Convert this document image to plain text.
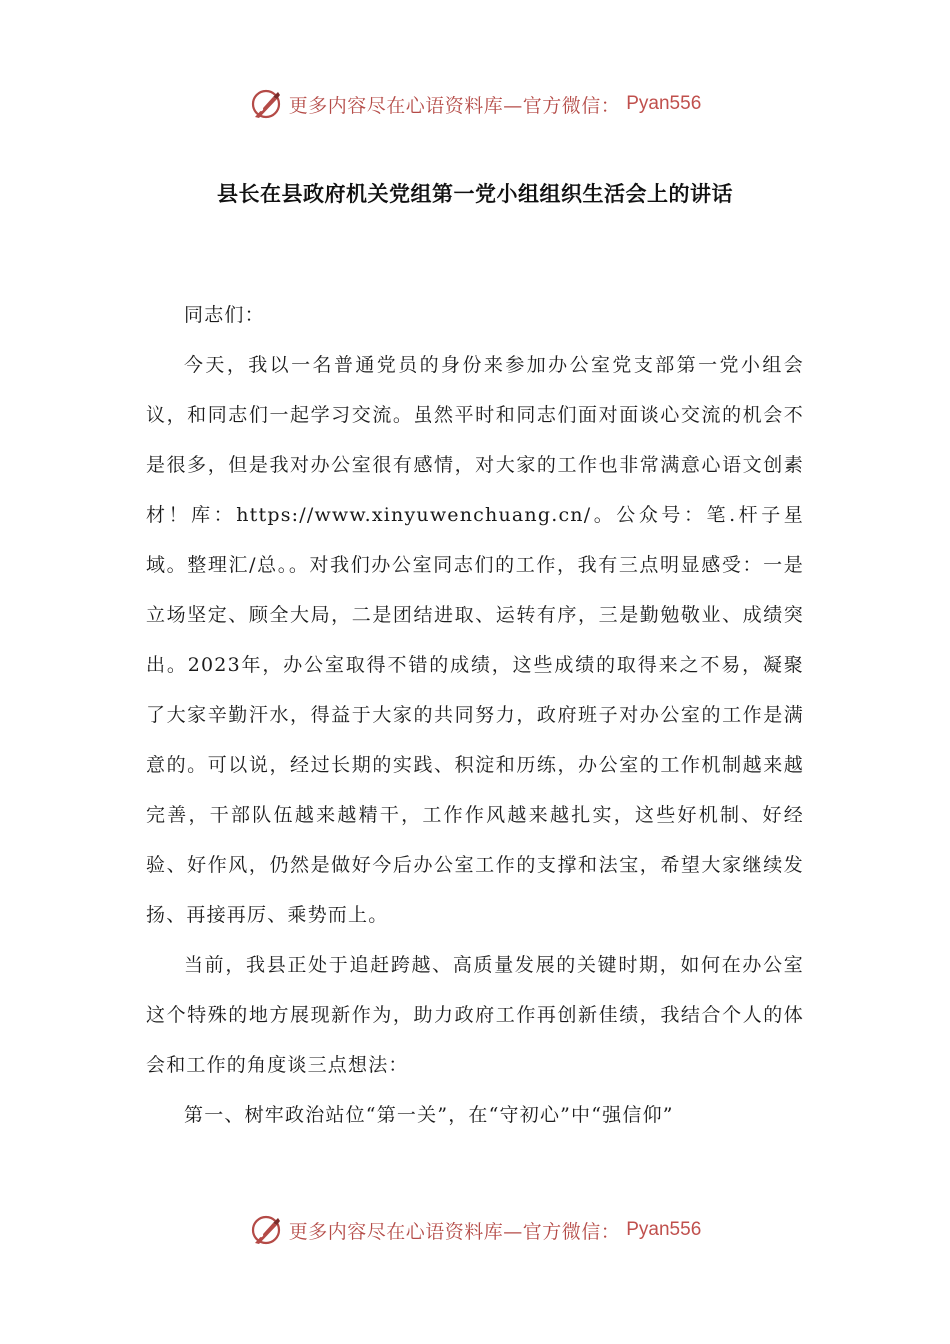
更多内容尽在心语资料库—官方微信： Pyan556
县长在县政府机关党组第一党小组组织生活会上的讲话

同志们：

今天，我以一名普通党员的身份来参加办公室党支部第一党小组会议，和同志们一起学习交流。虽然平时和同志们面对面谈心交流的机会不是很多，但是我对办公室很有感情，对大家的工作也非常满意心语文创素材！库：https://www.xinyuwenchuang.cn/。公众号：笔.杆子星域。整理汇/总。。对我们办公室同志们的工作，我有三点明显感受：一是立场坚定、顾全大局，二是团结进取、运转有序，三是勤勉敬业、成绩突出。2023年，办公室取得不错的成绩，这些成绩的取得来之不易，凝聚了大家辛勤汗水，得益于大家的共同努力，政府班子对办公室的工作是满意的。可以说，经过长期的实践、积淀和历练，办公室的工作机制越来越完善，干部队伍越来越精干，工作作风越来越扎实，这些好机制、好经验、好作风，仍然是做好今后办公室工作的支撑和法宝，希望大家继续发扬、再接再厉、乘势而上。

当前，我县正处于追赶跨越、高质量发展的关键时期，如何在办公室这个特殊的地方展现新作为，助力政府工作再创新佳绩，我结合个人的体会和工作的角度谈三点想法：

第一、树牢政治站位“第一关”，在“守初心”中“强信仰”

更多内容尽在心语资料库—官方微信： Pyan556
